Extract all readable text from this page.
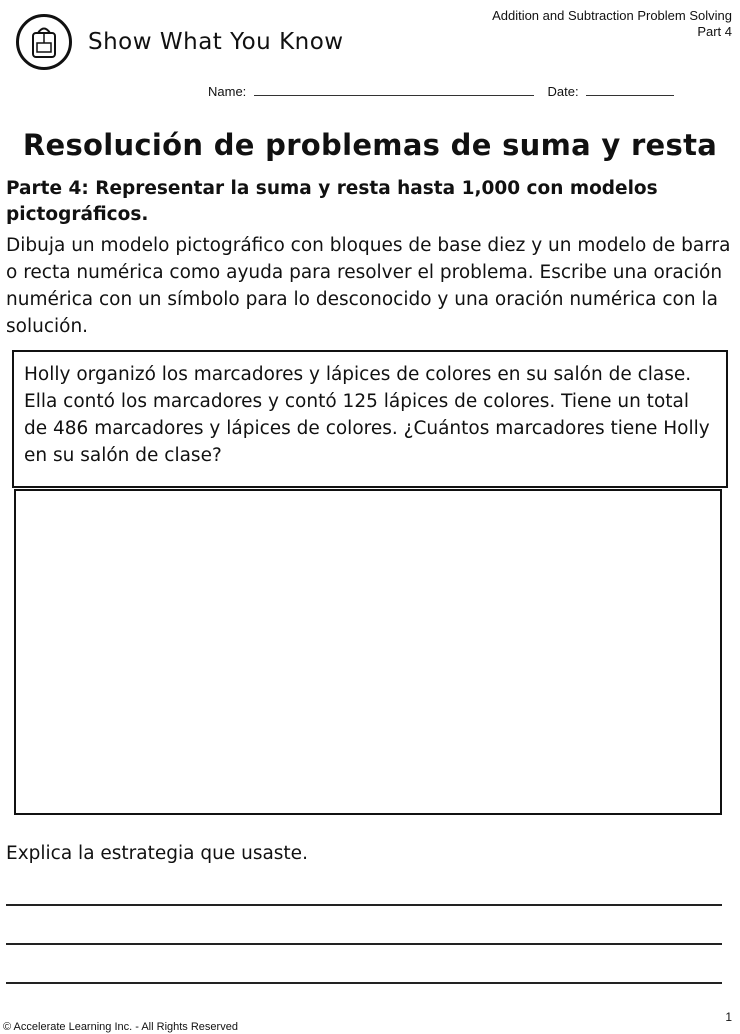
Show What You Know
Addition and Subtraction Problem Solving
Part 4
Name:	Date:
Resolución de problemas de suma y resta
Parte 4: Representar la suma y resta hasta 1,000 con modelos pictográficos.
Dibuja un modelo pictográfico con bloques de base diez y un modelo de barra o recta numérica como ayuda para resolver el problema. Escribe una oración numérica con un símbolo para lo desconocido y una oración numérica con la solución.
Holly organizó los marcadores y lápices de colores en su salón de clase. Ella contó los marcadores y contó 125 lápices de colores. Tiene un total de 486 marcadores y lápices de colores. ¿Cuántos marcadores tiene Holly en su salón de clase?
Explica la estrategia que usaste.
1
© Accelerate Learning Inc. - All Rights Reserved
